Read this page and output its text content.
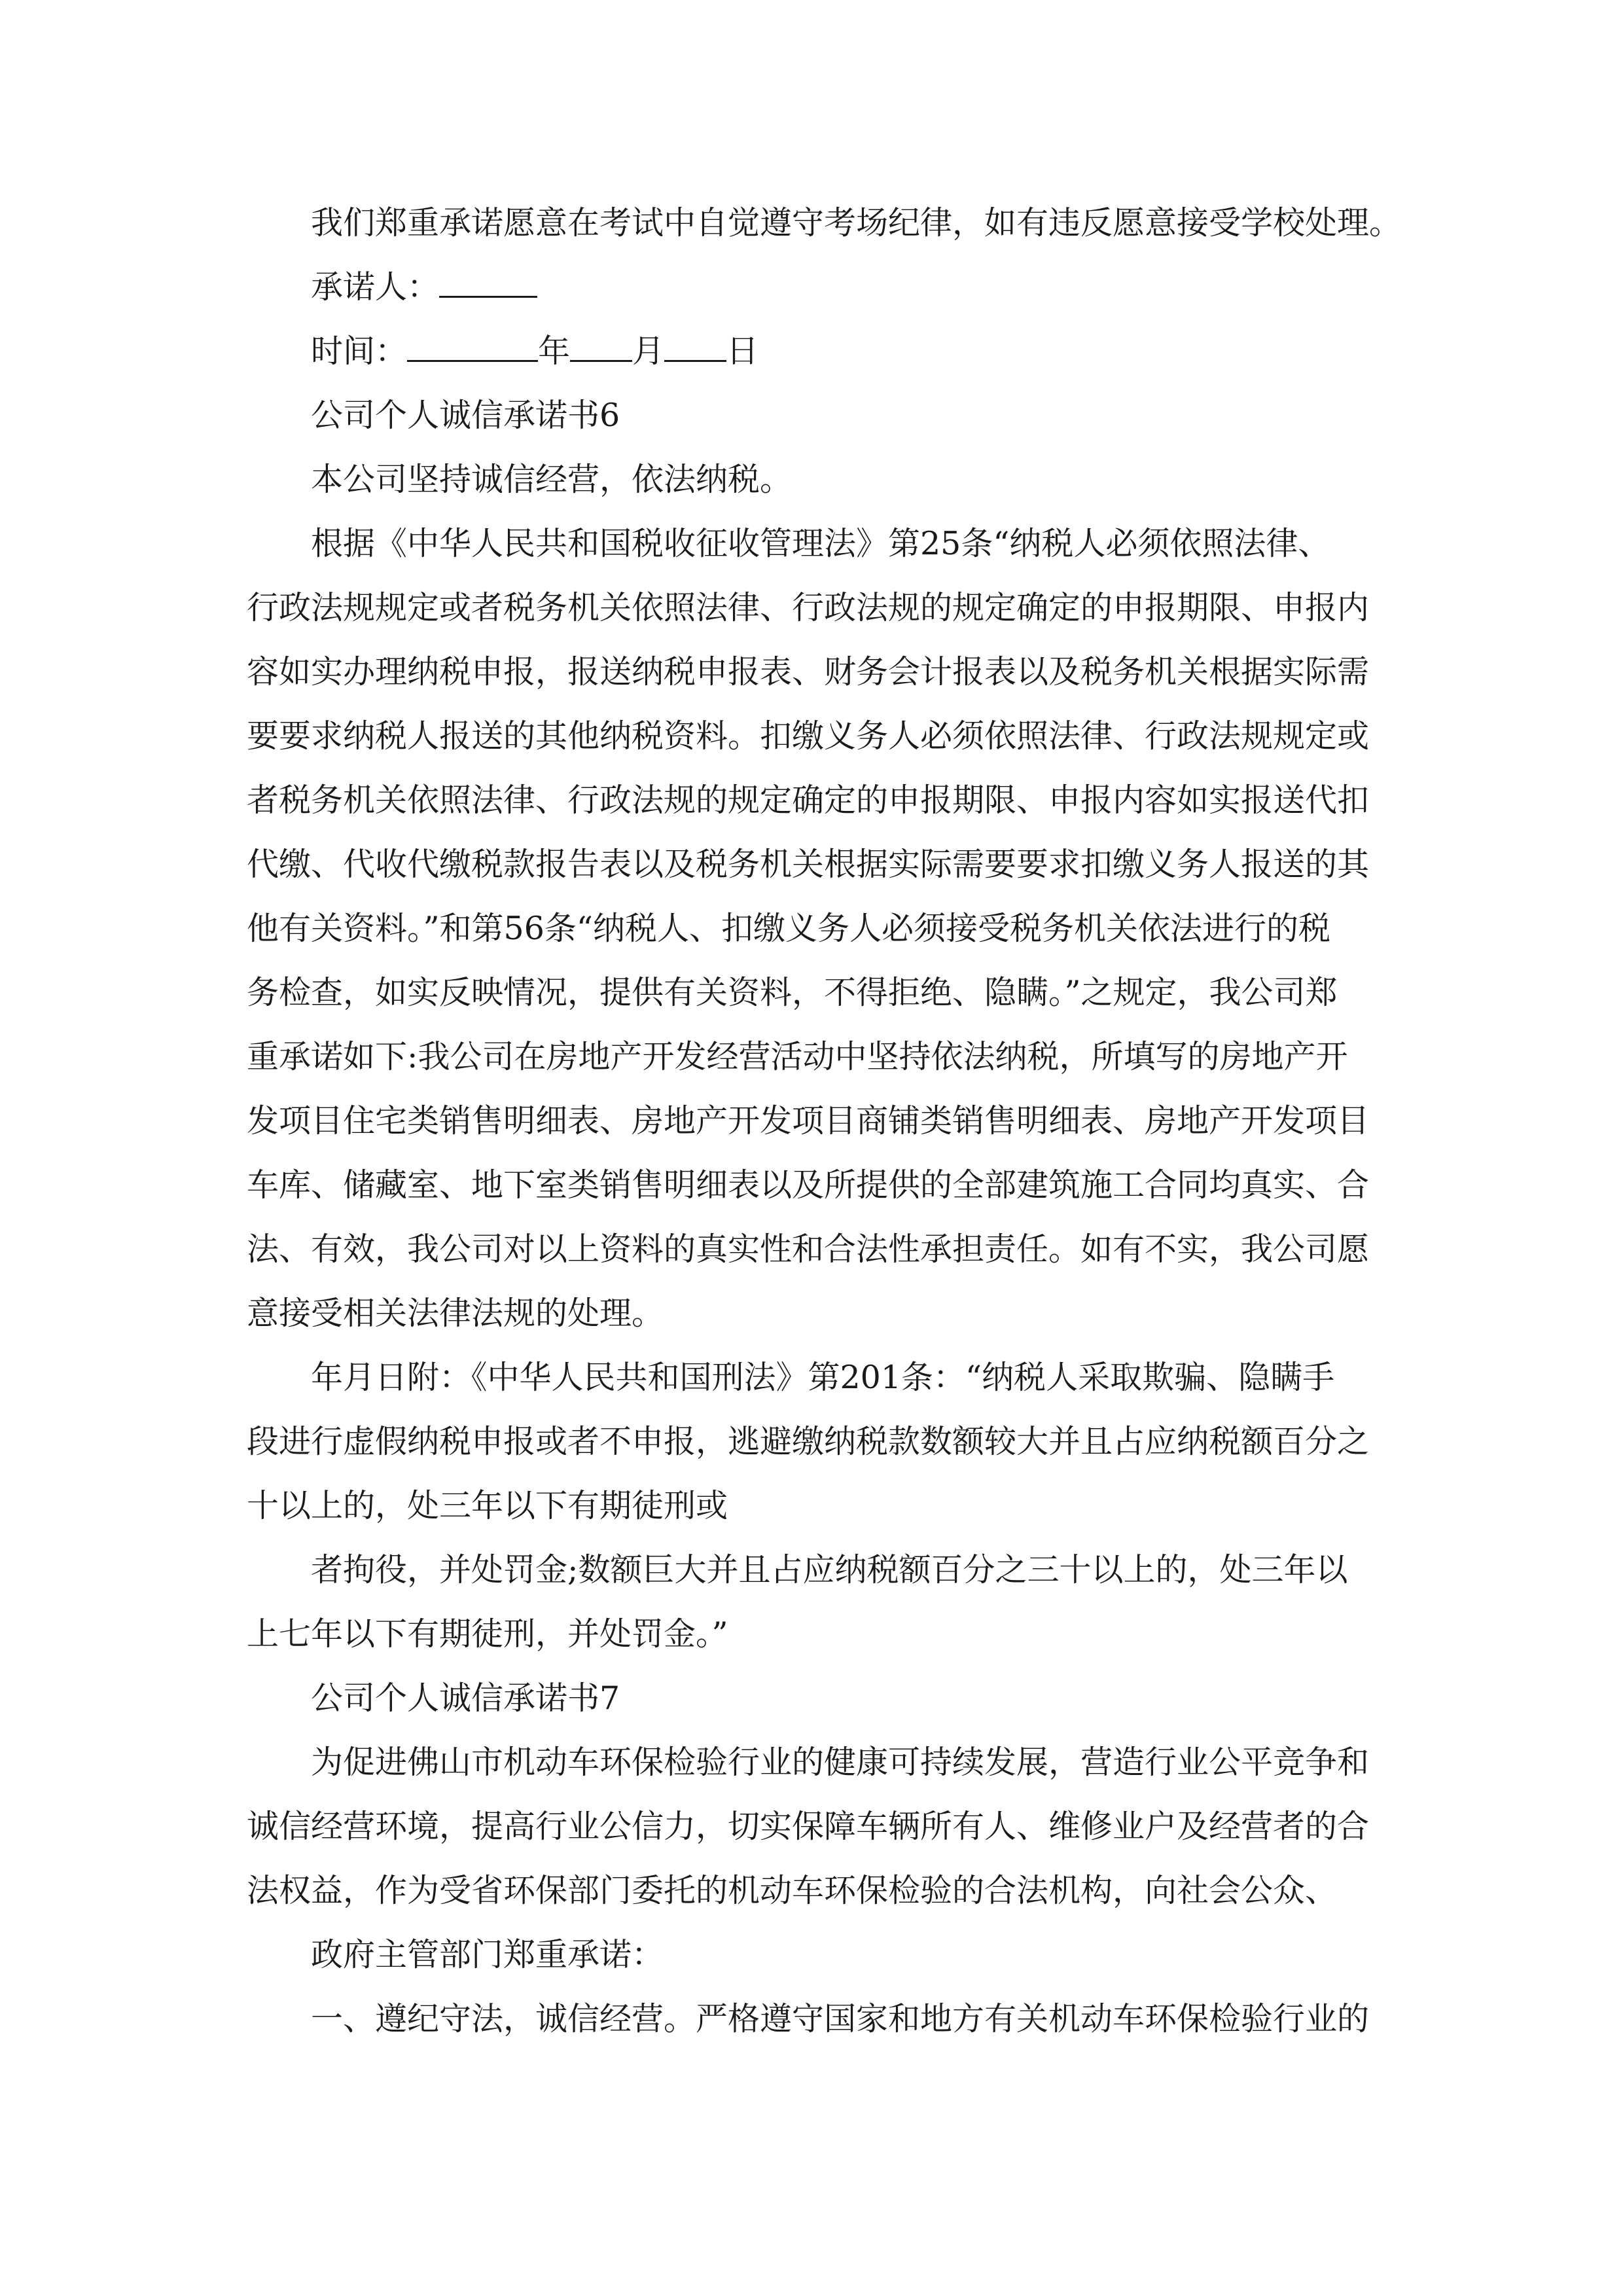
我们郑重承诺愿意在考试中自觉遵守考场纪律，如有违反愿意接受学校处理。
承诺人：
时间：	年 月 日
公司个人诚信承诺书6
本公司坚持诚信经营，依法纳税。
根据《中华人民共和国税收征收管理法》第25条“纳税人必须依照法律、
行政法规规定或者税务机关依照法律、行政法规的规定确定的申报期限、申报内
容如实办理纳税申报，报送纳税申报表、财务会计报表以及税务机关根据实际需
要要求纳税人报送的其他纳税资料。扣缴义务人必须依照法律、行政法规规定或
者税务机关依照法律、行政法规的规定确定的申报期限、申报内容如实报送代扣
代缴、代收代缴税款报告表以及税务机关根据实际需要要求扣缴义务人报送的其
他有关资料。”和第56条“纳税人、扣缴义务人必须接受税务机关依法进行的税
务检查，如实反映情况，提供有关资料，不得拒绝、隐瞒。”之规定，我公司郑
重承诺如下:我公司在房地产开发经营活动中坚持依法纳税，所填写的房地产开
发项目住宅类销售明细表、房地产开发项目商铺类销售明细表、房地产开发项目
车库、储藏室、地下室类销售明细表以及所提供的全部建筑施工合同均真实、合
法、有效，我公司对以上资料的真实性和合法性承担责任。如有不实，我公司愿
意接受相关法律法规的处理。
年月日附：《中华人民共和国刑法》第201条：“纳税人采取欺骗、隐瞒手
段进行虚假纳税申报或者不申报，逃避缴纳税款数额较大并且占应纳税额百分之
十以上的，处三年以下有期徒刑或
者拘役，并处罚金;数额巨大并且占应纳税额百分之三十以上的，处三年以
上七年以下有期徒刑，并处罚金。”
公司个人诚信承诺书7
为促进佛山市机动车环保检验行业的健康可持续发展，营造行业公平竞争和
诚信经营环境，提高行业公信力，切实保障车辆所有人、维修业户及经营者的合
法权益，作为受省环保部门委托的机动车环保检验的合法机构，向社会公众、
政府主管部门郑重承诺：
一、遵纪守法，诚信经营。严格遵守国家和地方有关机动车环保检验行业的
